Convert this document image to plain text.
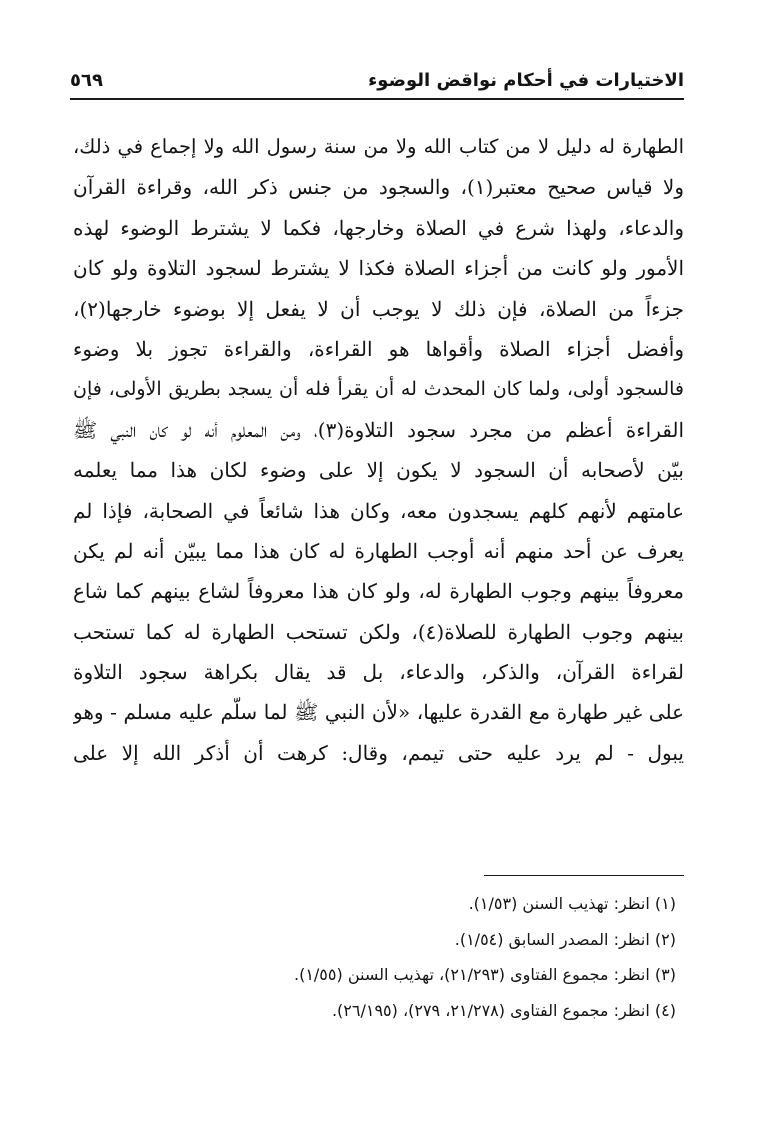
الاختيارات في أحكام نواقض الوضوء
٥٦٩
الطهارة له دليل لا من كتاب الله ولا من سنة رسول الله ولا إجماع في ذلك،
ولا قياس صحيح معتبر(١)، والسجود من جنس ذكر الله، وقراءة القرآن
والدعاء، ولهذا شرع في الصلاة وخارجها، فكما لا يشترط الوضوء لهذه
الأمور ولو كانت من أجزاء الصلاة فكذا لا يشترط لسجود التلاوة ولو كان
جزءاً من الصلاة، فإن ذلك لا يوجب أن لا يفعل إلا بوضوء خارجها(٢)،
وأفضل أجزاء الصلاة وأقواها هو القراءة، والقراءة تجوز بلا وضوء
فالسجود أولى، ولما كان المحدث له أن يقرأ فله أن يسجد بطريق الأولى، فإن
القراءة أعظم من مجرد سجود التلاوة(٣)، ومن المعلوم أنه لو كان النبي ﷺ
بيّن لأصحابه أن السجود لا يكون إلا على وضوء لكان هذا مما يعلمه
عامتهم لأنهم كلهم يسجدون معه، وكان هذا شائعاً في الصحابة، فإذا لم
يعرف عن أحد منهم أنه أوجب الطهارة له كان هذا مما يبيّن أنه لم يكن
معروفاً بينهم وجوب الطهارة له، ولو كان هذا معروفاً لشاع بينهم كما شاع
بينهم وجوب الطهارة للصلاة(٤)، ولكن تستحب الطهارة له كما تستحب
لقراءة القرآن، والذكر، والدعاء، بل قد يقال بكراهة سجود التلاوة
على غير طهارة مع القدرة عليها، «لأن النبي ﷺ لما سلّم عليه مسلم - وهو
يبول - لم يرد عليه حتى تيمم، وقال: كرهت أن أذكر الله إلا على
(١) انظر: تهذيب السنن (١/٥٣).
(٢) انظر: المصدر السابق (١/٥٤).
(٣) انظر: مجموع الفتاوى (٢١/٢٩٣)، تهذيب السنن (١/٥٥).
(٤) انظر: مجموع الفتاوى (٢١/٢٧٨، ٢٧٩)، (٢٦/١٩٥).
